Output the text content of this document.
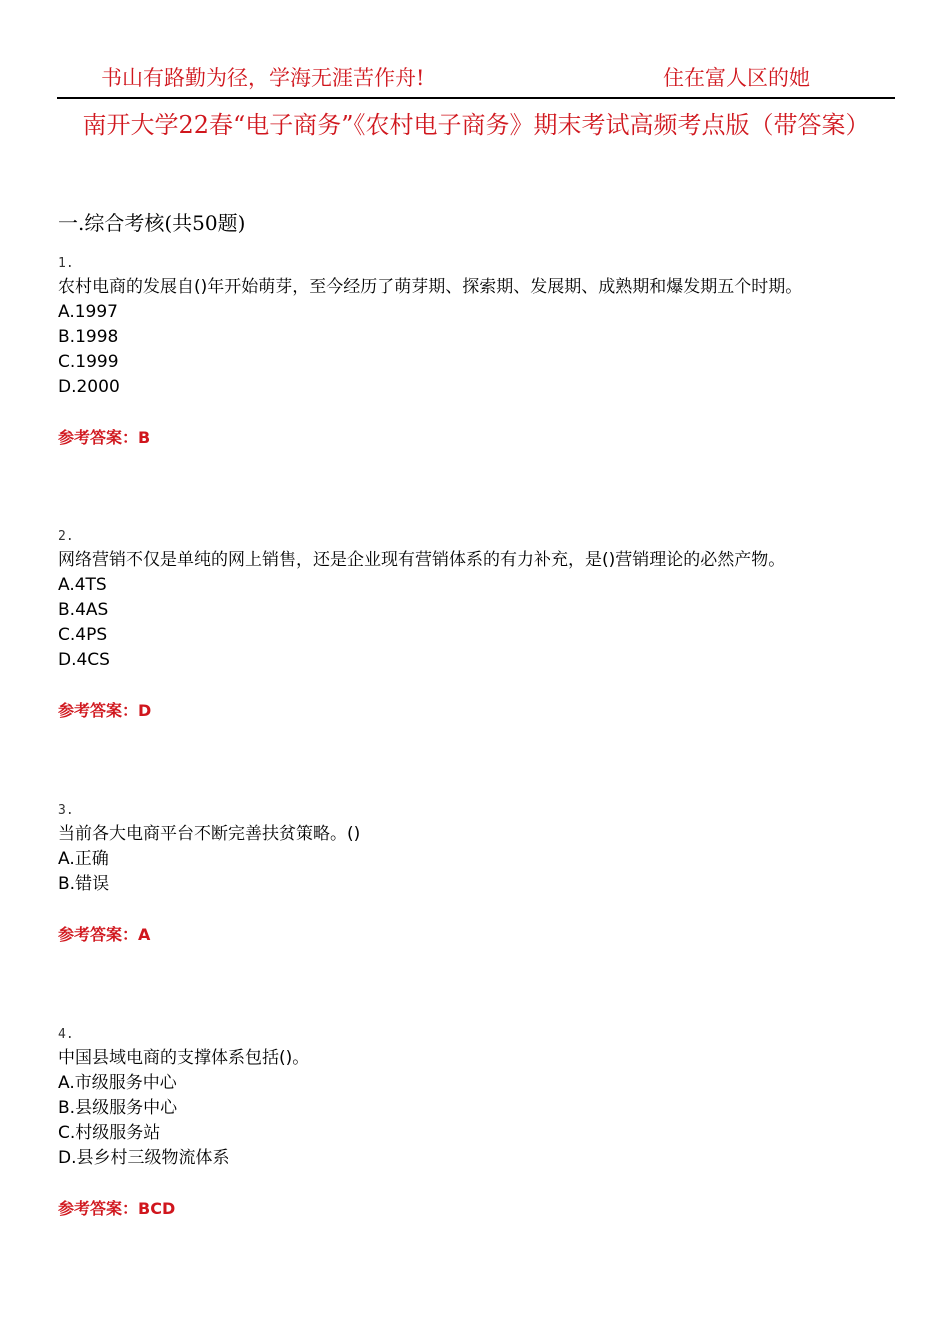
书山有路勤为径，学海无涯苦作舟!	住在富人区的她
南开大学22春“电子商务”《农村电子商务》期末考试高频考点版（带答案）
一.综合考核(共50题)
1.
农村电商的发展自()年开始萌芽，至今经历了萌芽期、探索期、发展期、成熟期和爆发期五个时期。
A.1997
B.1998
C.1999
D.2000
参考答案：B
2.
网络营销不仅是单纯的网上销售，还是企业现有营销体系的有力补充，是()营销理论的必然产物。
A.4TS
B.4AS
C.4PS
D.4CS
参考答案：D
3.
当前各大电商平台不断完善扶贫策略。()
A.正确
B.错误
参考答案：A
4.
中国县域电商的支撑体系包括()。
A.市级服务中心
B.县级服务中心
C.村级服务站
D.县乡村三级物流体系
参考答案：BCD
